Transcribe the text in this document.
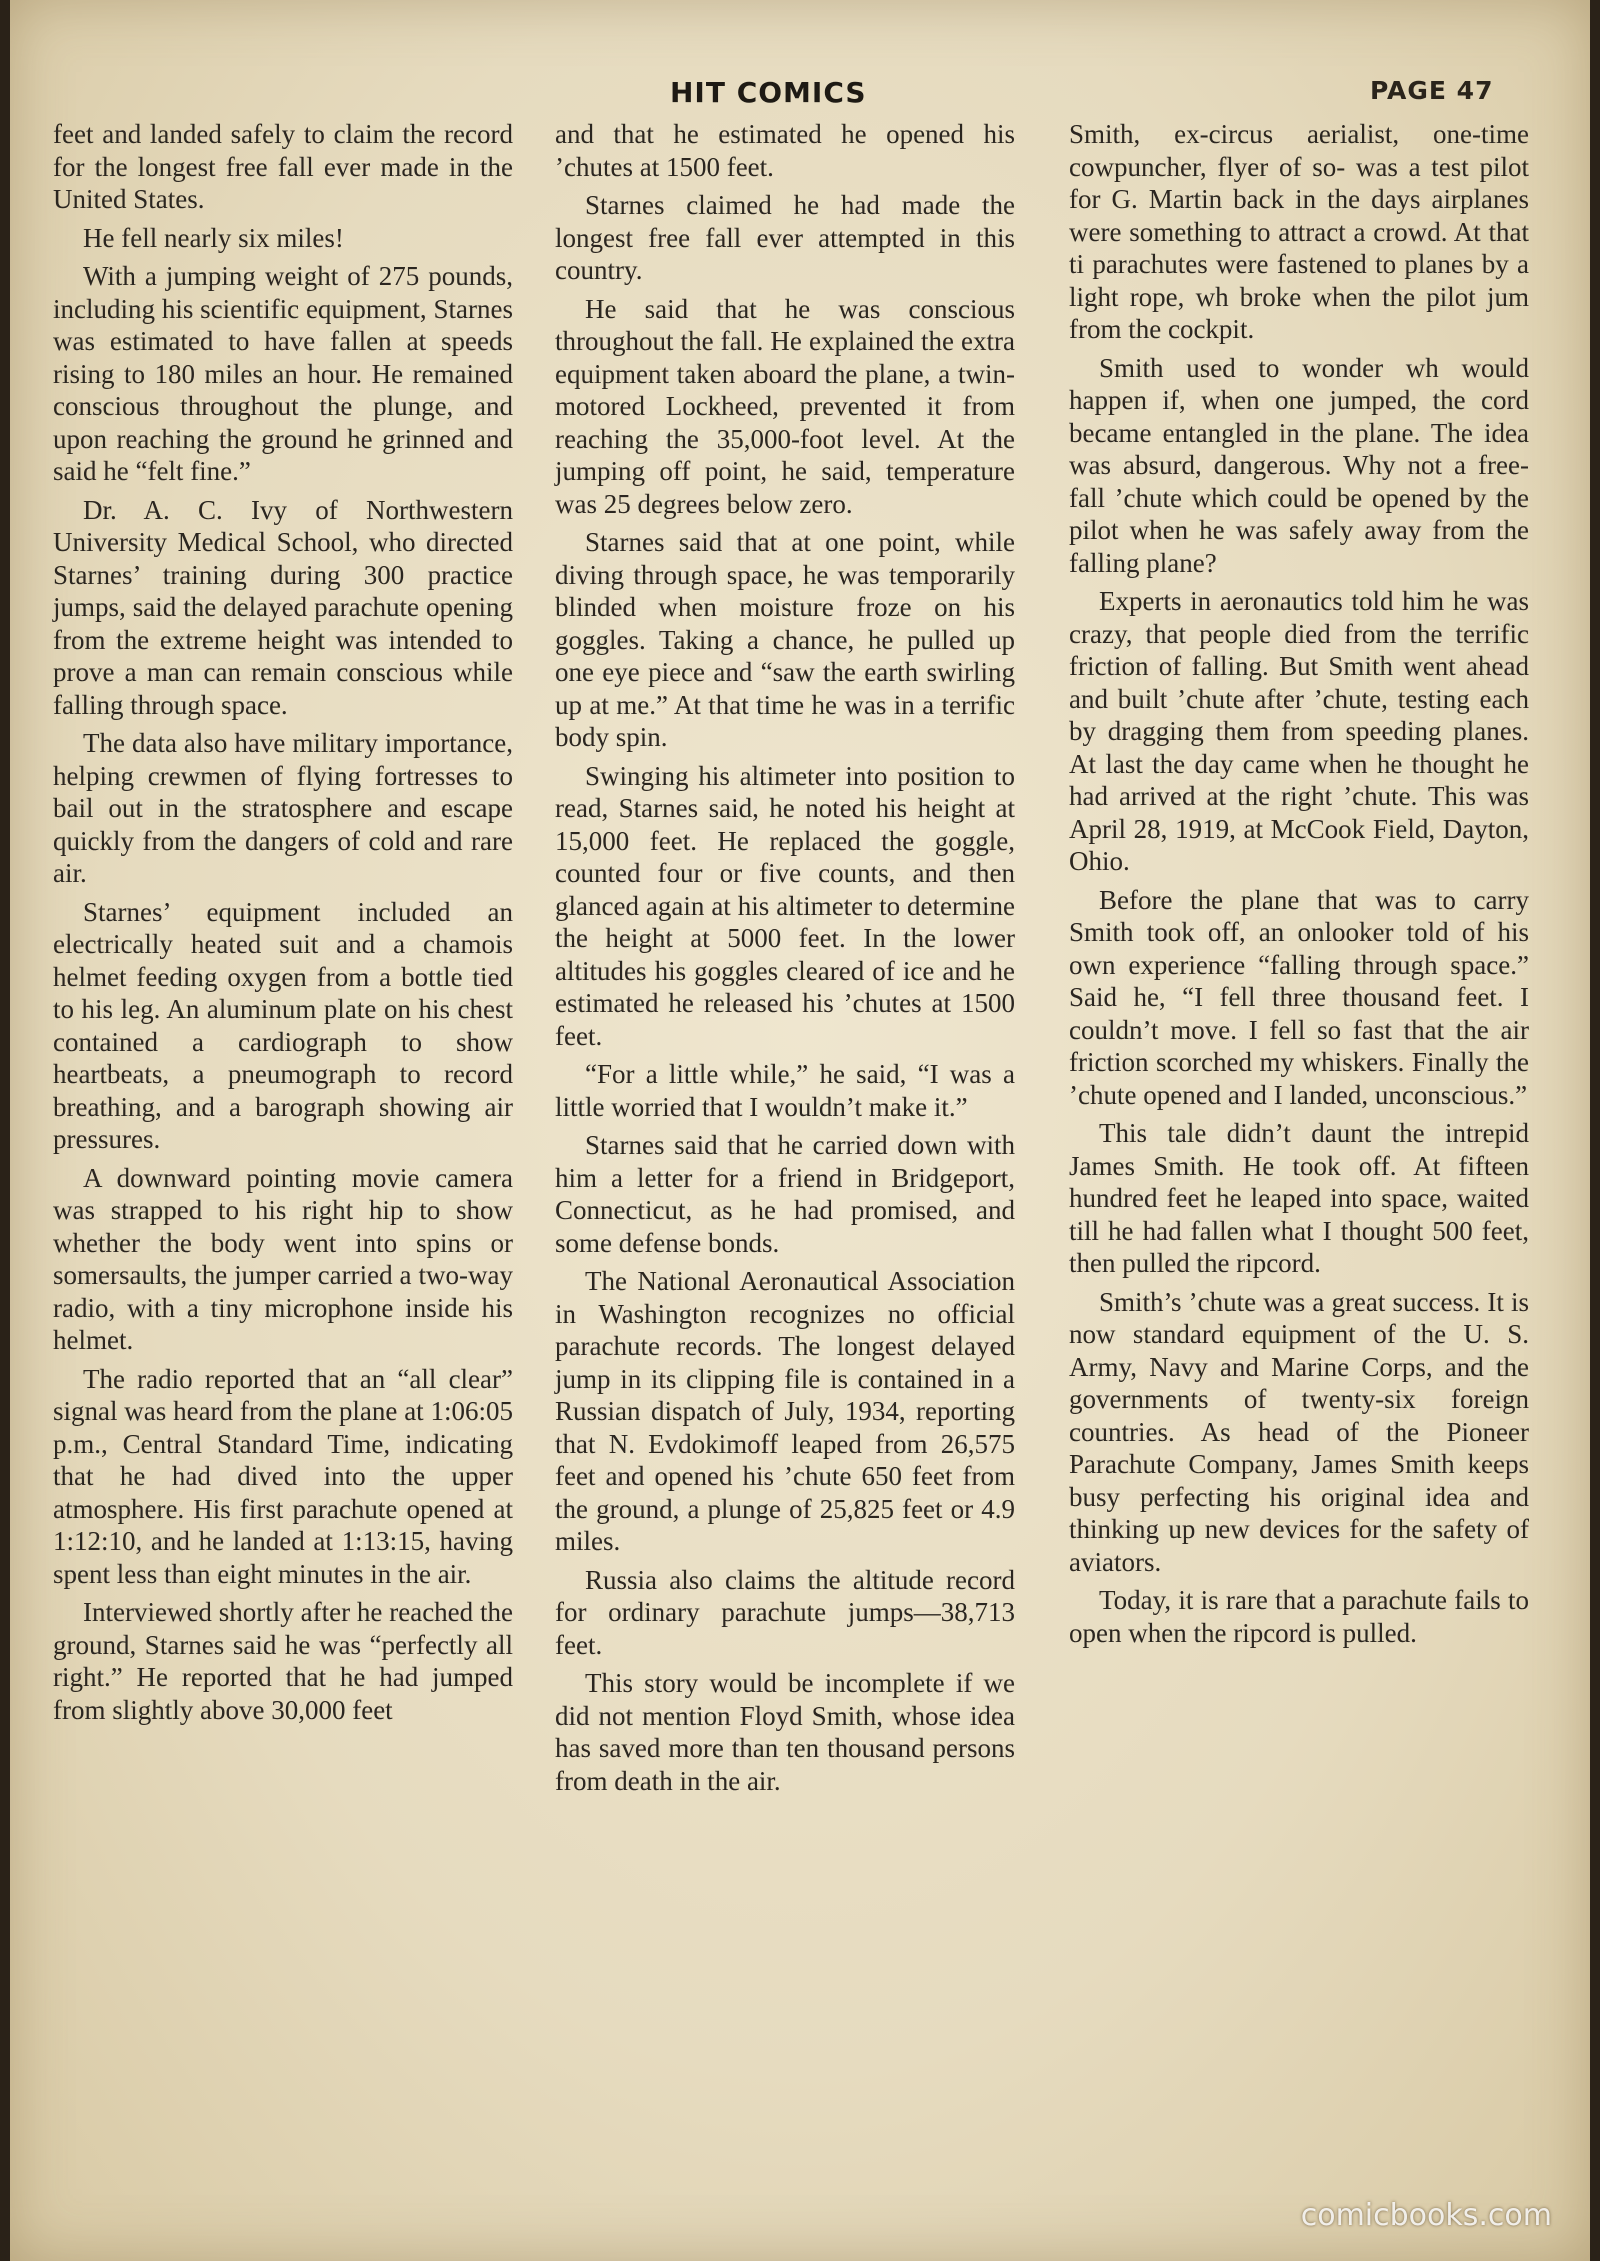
HIT COMICS	PAGE 47

feet and landed safely to claim the record for the longest free fall ever made in the United States.

He fell nearly six miles!

With a jumping weight of 275 pounds, including his scientific equipment, Starnes was estimated to have fallen at speeds rising to 180 miles an hour. He remained conscious throughout the plunge, and upon reaching the ground he grinned and said he “felt fine.”

Dr. A. C. Ivy of Northwestern University Medical School, who directed Starnes’ training during 300 practice jumps, said the delayed parachute opening from the extreme height was intended to prove a man can remain conscious while falling through space.

The data also have military importance, helping crewmen of flying fortresses to bail out in the stratosphere and escape quickly from the dangers of cold and rare air.

Starnes’ equipment included an electrically heated suit and a chamois helmet feeding oxygen from a bottle tied to his leg. An aluminum plate on his chest contained a cardiograph to show heartbeats, a pneumograph to record breathing, and a barograph showing air pressures.

A downward pointing movie camera was strapped to his right hip to show whether the body went into spins or somersaults, the jumper carried a two-way radio, with a tiny microphone inside his helmet.

The radio reported that an “all clear” signal was heard from the plane at 1:06:05 p.m., Central Standard Time, indicating that he had dived into the upper atmosphere. His first parachute opened at 1:12:10, and he landed at 1:13:15, having spent less than eight minutes in the air.

Interviewed shortly after he reached the ground, Starnes said he was “perfectly all right.” He reported that he had jumped from slightly above 30,000 feet

and that he estimated he opened his ’chutes at 1500 feet.

Starnes claimed he had made the longest free fall ever attempted in this country.

He said that he was conscious throughout the fall. He explained the extra equipment taken aboard the plane, a twin-motored Lockheed, prevented it from reaching the 35,000-foot level. At the jumping off point, he said, temperature was 25 degrees below zero.

Starnes said that at one point, while diving through space, he was temporarily blinded when moisture froze on his goggles. Taking a chance, he pulled up one eye piece and “saw the earth swirling up at me.” At that time he was in a terrific body spin.

Swinging his altimeter into position to read, Starnes said, he noted his height at 15,000 feet. He replaced the goggle, counted four or five counts, and then glanced again at his altimeter to determine the height at 5000 feet. In the lower altitudes his goggles cleared of ice and he estimated he released his ’chutes at 1500 feet.

“For a little while,” he said, “I was a little worried that I wouldn’t make it.”

Starnes said that he carried down with him a letter for a friend in Bridgeport, Connecticut, as he had promised, and some defense bonds.

The National Aeronautical Association in Washington recognizes no official parachute records. The longest delayed jump in its clipping file is contained in a Russian dispatch of July, 1934, reporting that N. Evdokimoff leaped from 26,575 feet and opened his ’chute 650 feet from the ground, a plunge of 25,825 feet or 4.9 miles.

Russia also claims the altitude record for ordinary parachute jumps—38,713 feet.

This story would be incomplete if we did not mention Floyd Smith, whose idea has saved more than ten thousand persons from death in the air.

Smith, ex-circus aerialist, one-time cowpuncher, flyer of so- was a test pilot for G. Martin back in the days airplanes were something to attract a crowd. At that ti parachutes were fastened to planes by a light rope, wh broke when the pilot jum from the cockpit.

Smith used to wonder wh would happen if, when one jumped, the cord became entangled in the plane. The idea was absurd, dangerous. Why not a free-fall ’chute which could be opened by the pilot when he was safely away from the falling plane?

Experts in aeronautics told him he was crazy, that people died from the terrific friction of falling. But Smith went ahead and built ’chute after ’chute, testing each by dragging them from speeding planes. At last the day came when he thought he had arrived at the right ’chute. This was April 28, 1919, at McCook Field, Dayton, Ohio.

Before the plane that was to carry Smith took off, an onlooker told of his own experience “falling through space.” Said he, “I fell three thousand feet. I couldn’t move. I fell so fast that the air friction scorched my whiskers. Finally the ’chute opened and I landed, unconscious.”

This tale didn’t daunt the intrepid James Smith. He took off. At fifteen hundred feet he leaped into space, waited till he had fallen what I thought 500 feet, then pulled the ripcord.

Smith’s ’chute was a great success. It is now standard equipment of the U. S. Army, Navy and Marine Corps, and the governments of twenty-six foreign countries. As head of the Pioneer Parachute Company, James Smith keeps busy perfecting his original idea and thinking up new devices for the safety of aviators.

Today, it is rare that a parachute fails to open when the ripcord is pulled.

comicbooks.com
